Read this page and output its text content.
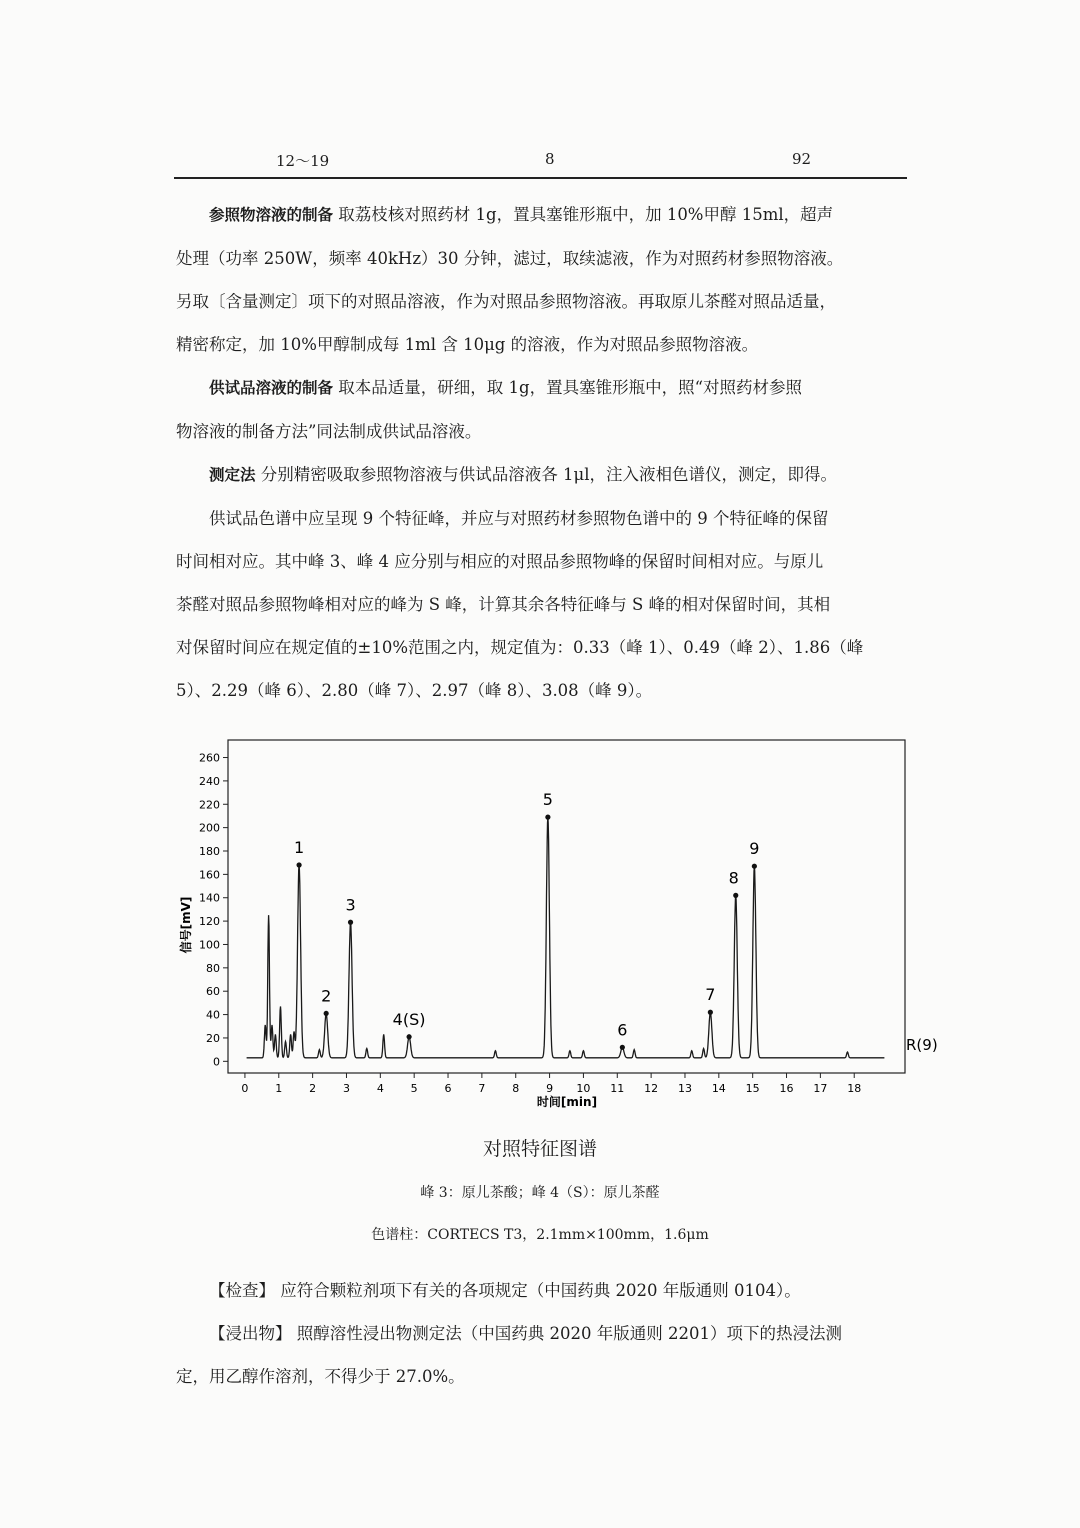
12～19	8	92

参照物溶液的制备 取荔枝核对照药材 1g，置具塞锥形瓶中，加 10%甲醇 15ml，超声

处理（功率 250W，频率 40kHz）30 分钟，滤过，取续滤液，作为对照药材参照物溶液。

另取〔含量测定〕项下的对照品溶液，作为对照品参照物溶液。再取原儿茶醛对照品适量，

精密称定，加 10%甲醇制成每 1ml 含 10μg 的溶液，作为对照品参照物溶液。

供试品溶液的制备 取本品适量，研细，取 1g，置具塞锥形瓶中，照“对照药材参照

物溶液的制备方法”同法制成供试品溶液。

测定法 分别精密吸取参照物溶液与供试品溶液各 1μl，注入液相色谱仪，测定，即得。

供试品色谱中应呈现 9 个特征峰，并应与对照药材参照物色谱中的 9 个特征峰的保留

时间相对应。其中峰 3、峰 4 应分别与相应的对照品参照物峰的保留时间相对应。与原儿

茶醛对照品参照物峰相对应的峰为 S 峰，计算其余各特征峰与 S 峰的相对保留时间，其相

对保留时间应在规定值的±10%范围之内，规定值为：0.33（峰 1）、0.49（峰 2）、1.86（峰

5）、2.29（峰 6）、2.80（峰 7）、2.97（峰 8）、3.08（峰 9）。

0
20
40
60
80
100
120
140
160
180
200
220
240
260
0 1 2 3 4 5 6 7 8 9 10 11 12 13 14 15 16 17 18
1
2
3
4(S)
5
6
7
8
9
信号[mV]
时间[min]
R(9)
对照特征图谱
峰 3：原儿茶酸；峰 4（S）：原儿茶醛
色谱柱：CORTECS T3，2.1mm×100mm，1.6μm

【检查】 应符合颗粒剂项下有关的各项规定（中国药典 2020 年版通则 0104）。

【浸出物】 照醇溶性浸出物测定法（中国药典 2020 年版通则 2201）项下的热浸法测

定，用乙醇作溶剂，不得少于 27.0%。
